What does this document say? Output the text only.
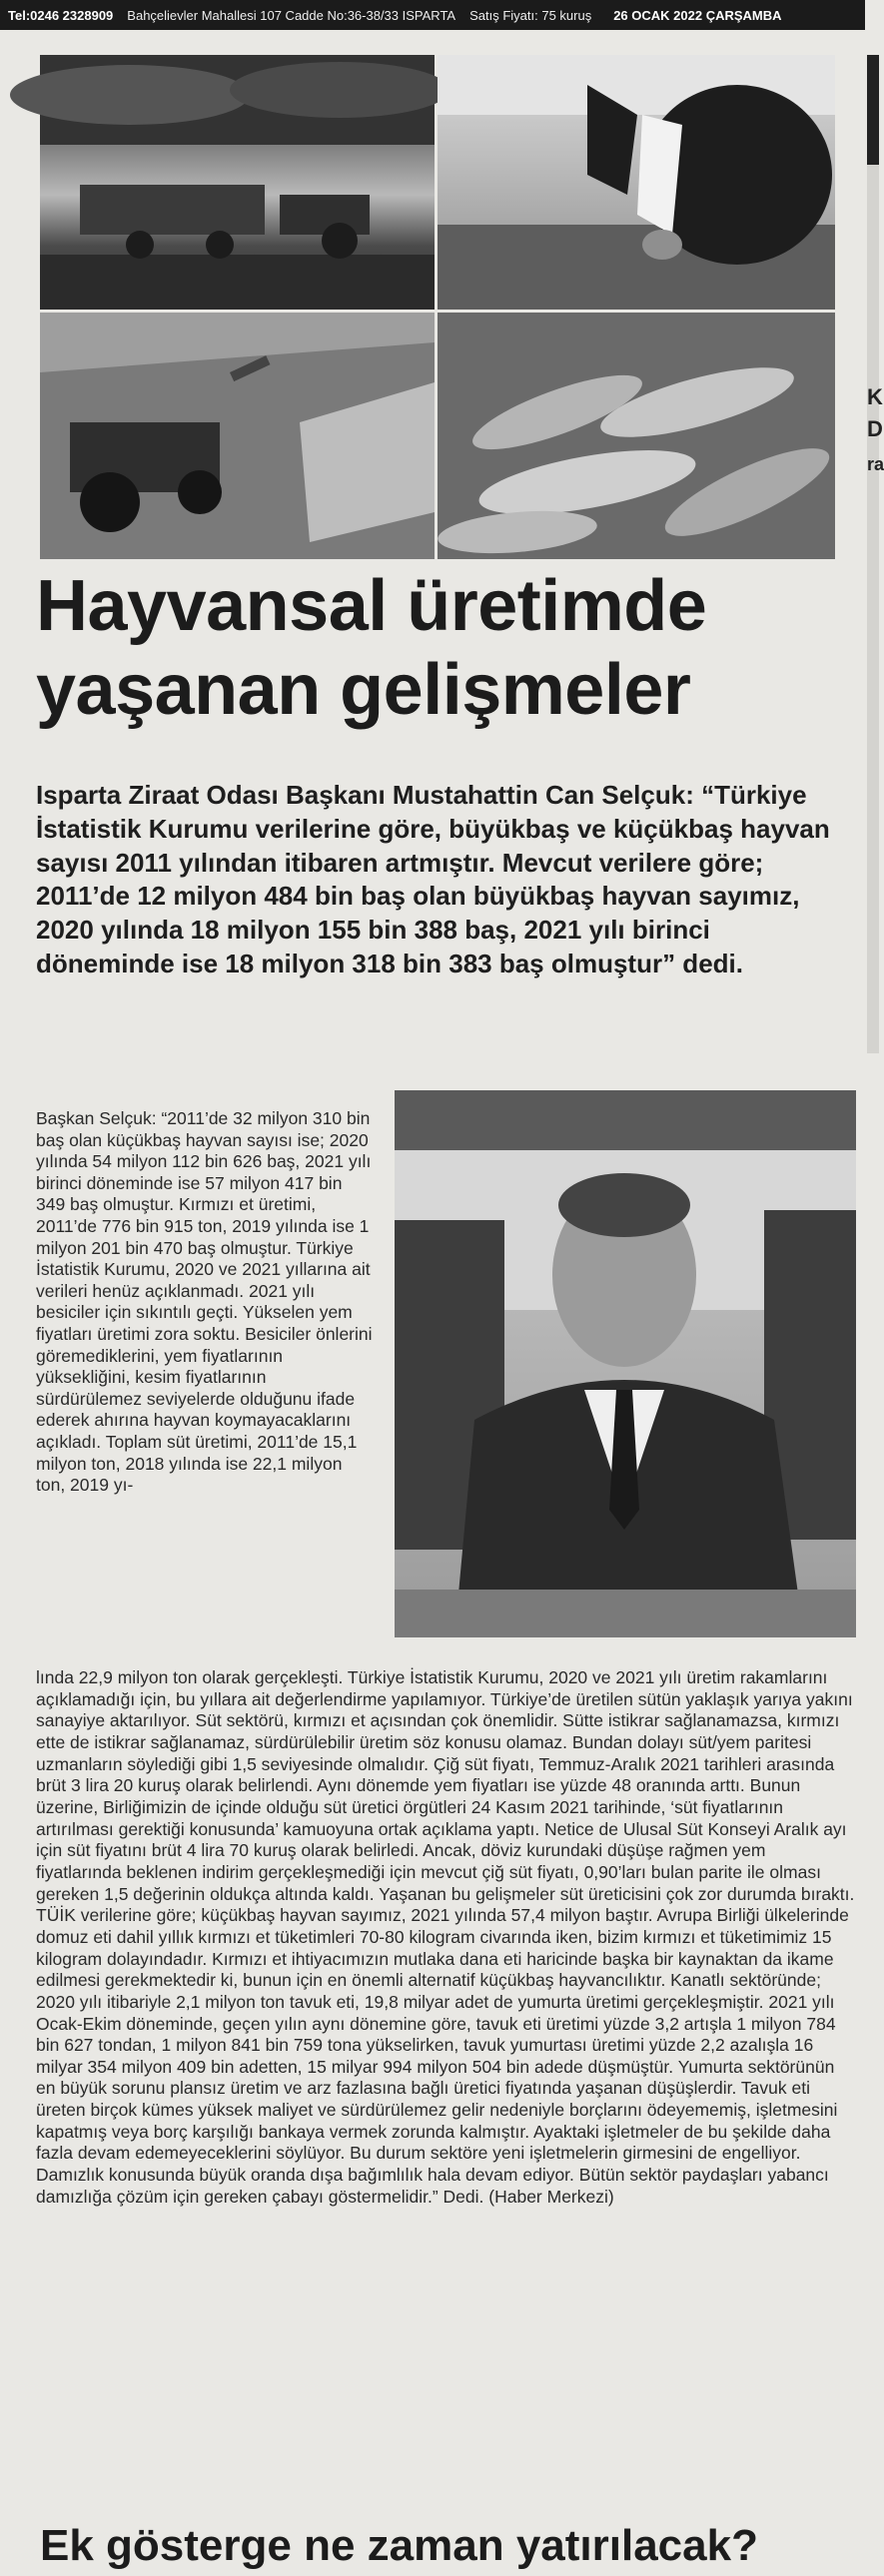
Tel:0246 2328909 Bahçelievler Mahallesi 107 Cadde No:36-38/33 ISPARTA Satış Fiyatı: 75 kuruş 26 OCAK 2022 ÇARŞAMBA
K
D
ra
Hayvansal üretimde yaşanan gelişmeler

Isparta Ziraat Odası Başkanı Mustahattin Can Selçuk: “Türkiye İstatistik Kurumu verilerine göre, büyükbaş ve küçükbaş hayvan sayısı 2011 yılından itibaren artmıştır. Mevcut verilere göre; 2011’de 12 milyon 484 bin baş olan büyükbaş hayvan sayımız, 2020 yılında 18 milyon 155 bin 388 baş, 2021 yılı birinci döneminde ise 18 milyon 318 bin 383 baş olmuştur” dedi.

Başkan Selçuk: “2011’de 32 milyon 310 bin baş olan küçükbaş hayvan sayısı ise; 2020 yılında 54 milyon 112 bin 626 baş, 2021 yılı birinci döneminde ise 57 milyon 417 bin 349 baş olmuştur. Kırmızı et üretimi, 2011’de 776 bin 915 ton, 2019 yılında ise 1 milyon 201 bin 470 baş olmuştur. Türkiye İstatistik Kurumu, 2020 ve 2021 yıllarına ait verileri henüz açıklanmadı. 2021 yılı besiciler için sıkıntılı geçti. Yükselen yem fiyatları üretimi zora soktu. Besiciler önlerini göremediklerini, yem fiyatlarının yüksekliğini, kesim fiyatlarının sürdürülemez seviyelerde olduğunu ifade ederek ahırına hayvan koymayacaklarını açıkladı. Toplam süt üretimi, 2011’de 15,1 milyon ton, 2018 yılında ise 22,1 milyon ton, 2019 yı-

lında 22,9 milyon ton olarak gerçekleşti. Türkiye İstatistik Kurumu, 2020 ve 2021 yılı üretim rakamlarını açıklamadığı için, bu yıllara ait değerlendirme yapılamıyor. Türkiye’de üretilen sütün yaklaşık yarıya yakını sanayiye aktarılıyor. Süt sektörü, kırmızı et açısından çok önemlidir. Sütte istikrar sağlanamazsa, kırmızı ette de istikrar sağlanamaz, sürdürülebilir üretim söz konusu olamaz. Bundan dolayı süt/yem paritesi uzmanların söylediği gibi 1,5 seviyesinde olmalıdır. Çiğ süt fiyatı, Temmuz-Aralık 2021 tarihleri arasında brüt 3 lira 20 kuruş olarak belirlendi. Aynı dönemde yem fiyatları ise yüzde 48 oranında arttı. Bunun üzerine, Birliğimizin de içinde olduğu süt üretici örgütleri 24 Kasım 2021 tarihinde, ‘süt fiyatlarının artırılması gerektiği konusunda’ kamuoyuna ortak açıklama yaptı. Netice de Ulusal Süt Konseyi Aralık ayı için süt fiyatını brüt 4 lira 70 kuruş olarak belirledi. Ancak, döviz kurundaki düşüşe rağmen yem fiyatlarında beklenen indirim gerçekleşmediği için mevcut çiğ süt fiyatı, 0,90’ları bulan parite ile olması gereken 1,5 değerinin oldukça altında kaldı. Yaşanan bu gelişmeler süt üreticisini çok zor durumda bıraktı. TÜİK verilerine göre; küçükbaş hayvan sayımız, 2021 yılında 57,4 milyon baştır. Avrupa Birliği ülkelerinde domuz eti dahil yıllık kırmızı et tüketimleri 70-80 kilogram civarında iken, bizim kırmızı et tüketimimiz 15 kilogram dolayındadır. Kırmızı et ihtiyacımızın mutlaka dana eti haricinde başka bir kaynaktan da ikame edilmesi gerekmektedir ki, bunun için en önemli alternatif küçükbaş hayvancılıktır. Kanatlı sektöründe; 2020 yılı itibariyle 2,1 milyon ton tavuk eti, 19,8 milyar adet de yumurta üretimi gerçekleşmiştir. 2021 yılı Ocak-Ekim döneminde, geçen yılın aynı dönemine göre, tavuk eti üretimi yüzde 3,2 artışla 1 milyon 784 bin 627 tondan, 1 milyon 841 bin 759 tona yükselirken, tavuk yumurtası üretimi yüzde 2,2 azalışla 16 milyar 354 milyon 409 bin adetten, 15 milyar 994 milyon 504 bin adede düşmüştür. Yumurta sektörünün en büyük sorunu plansız üretim ve arz fazlasına bağlı üretici fiyatında yaşanan düşüşlerdir. Tavuk eti üreten birçok kümes yüksek maliyet ve sürdürülemez gelir nedeniyle borçlarını ödeyememiş, işletmesini kapatmış veya borç karşılığı bankaya vermek zorunda kalmıştır. Ayaktaki işletmeler de bu şekilde daha fazla devam edemeyeceklerini söylüyor. Bu durum sektöre yeni işletmelerin girmesini de engelliyor. Damızlık konusunda büyük oranda dışa bağımlılık hala devam ediyor. Bütün sektör paydaşları yabancı damızlığa çözüm için gereken çabayı göstermelidir.” Dedi. (Haber Merkezi)

Ek gösterge ne zaman yatırılacak?
